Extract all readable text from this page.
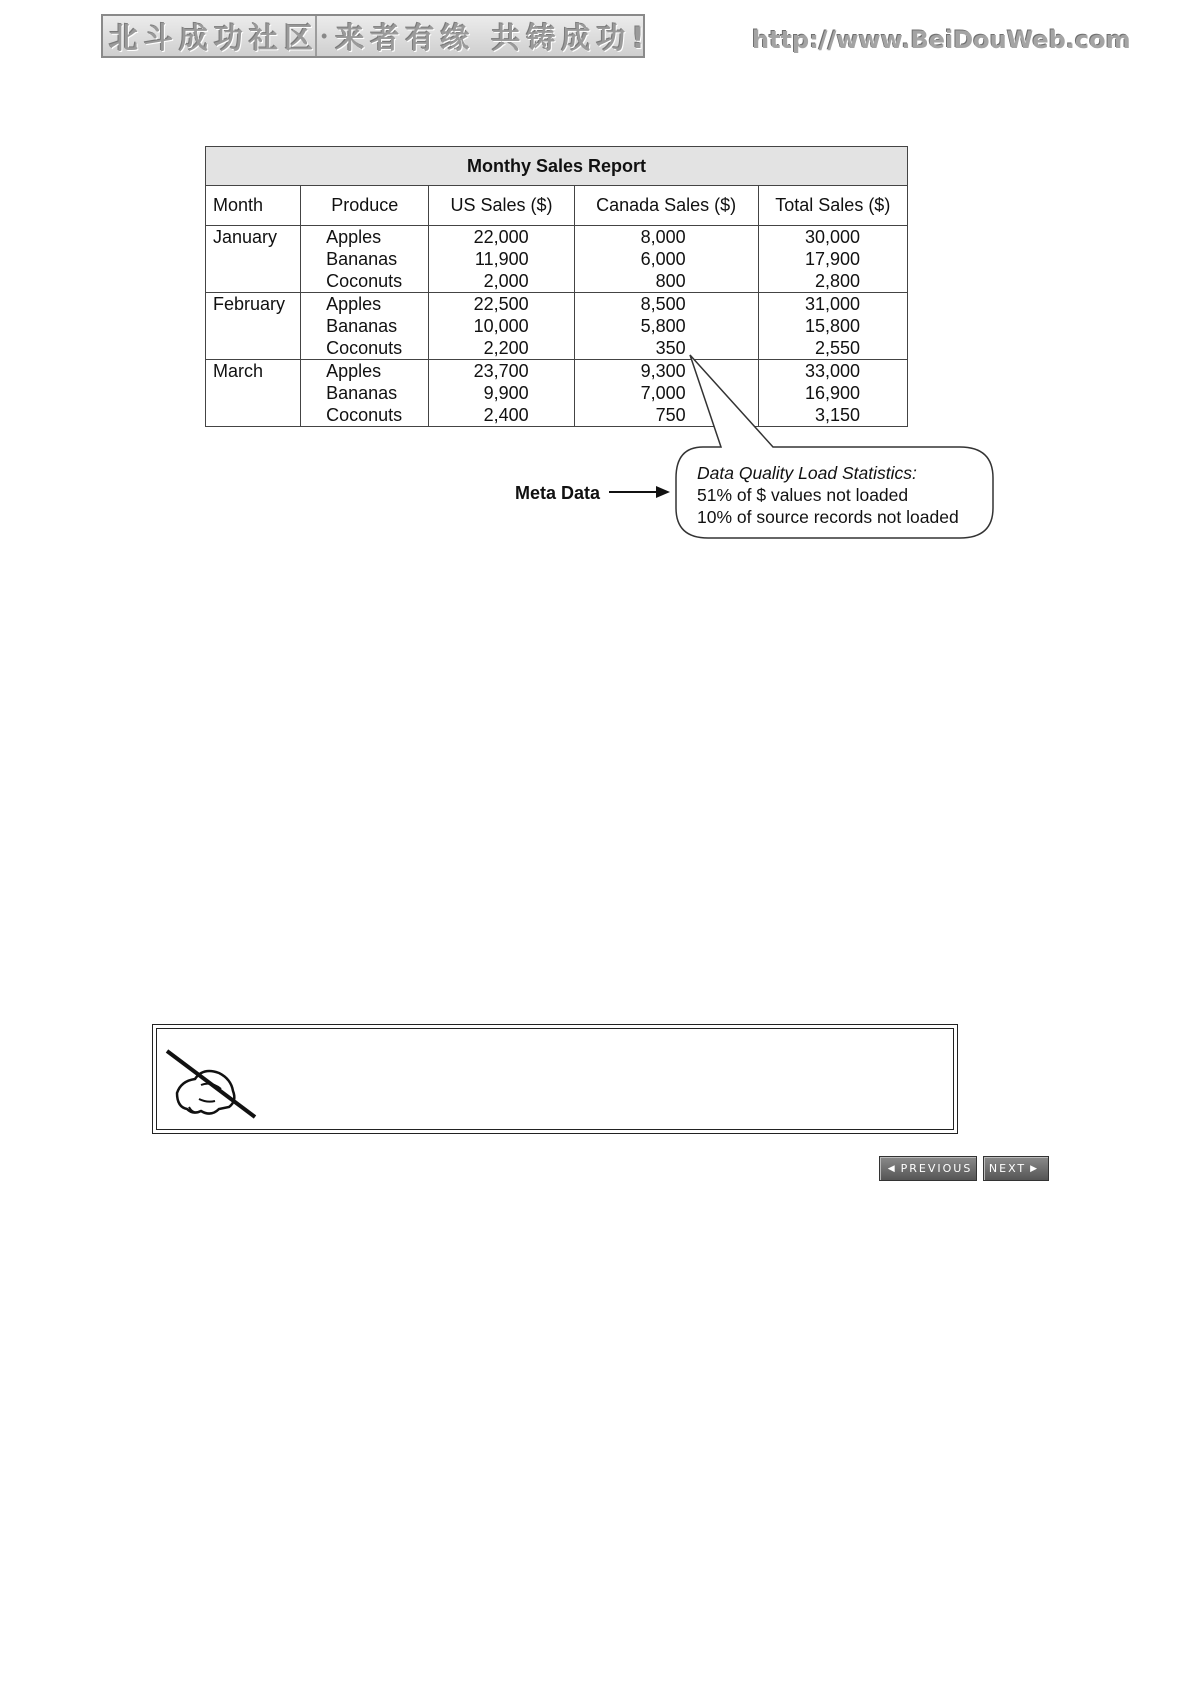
北斗成功社区 • 来者有缘 共铸成功!	http://www.BeiDouWeb.com
Monthy Sales Report				
Month	Produce	US Sales ($)	Canada Sales ($)	Total Sales ($)
January	Apples	22,000	8,000	30,000
	Bananas	11,900	6,000	17,900
	Coconuts	2,000	800	2,800
February	Apples	22,500	8,500	31,000
	Bananas	10,000	5,800	15,800
	Coconuts	2,200	350	2,550
March	Apples	23,700	9,300	33,000
	Bananas	9,900	7,000	16,900
	Coconuts	2,400	750	3,150
Data Quality Load Statistics:
51% of $ values not loaded
10% of source records not loaded
Meta Data
◀ PREVIOUS NEXT ▶
